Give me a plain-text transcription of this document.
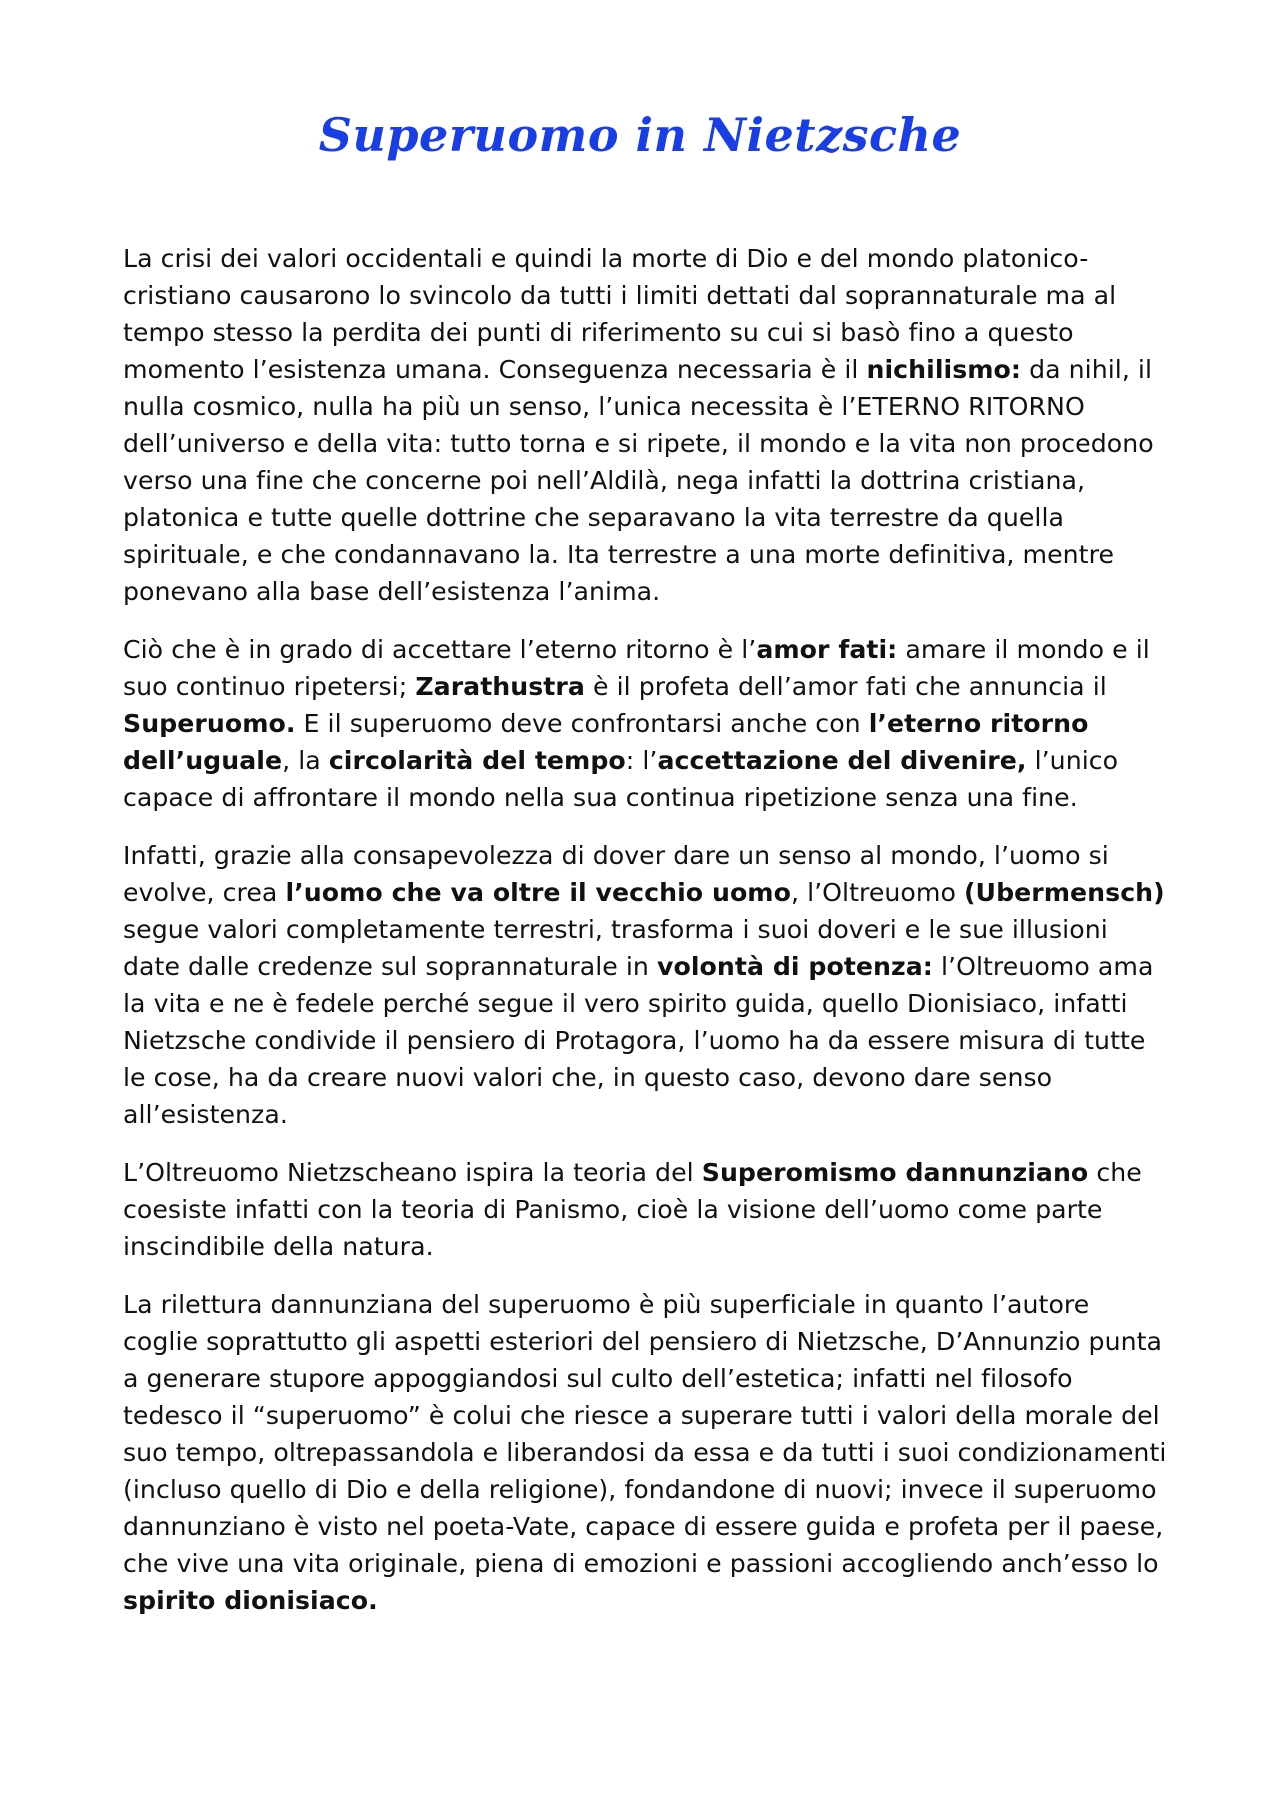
Superuomo in Nietzsche

La crisi dei valori occidentali e quindi la morte di Dio e del mondo platonico-cristiano causarono lo svincolo da tutti i limiti dettati dal soprannaturale ma al tempo stesso la perdita dei punti di riferimento su cui si basò fino a questo momento l’esistenza umana. Conseguenza necessaria è il nichilismo: da nihil, il nulla cosmico, nulla ha più un senso, l’unica necessita è l’ETERNO RITORNO dell’universo e della vita: tutto torna e si ripete, il mondo e la vita non procedono verso una fine che concerne poi nell’Aldilà, nega infatti la dottrina cristiana, platonica e tutte quelle dottrine che separavano la vita terrestre da quella spirituale, e che condannavano la. Ita terrestre a una morte definitiva, mentre ponevano alla base dell’esistenza l’anima.

Ciò che è in grado di accettare l’eterno ritorno è l’amor fati: amare il mondo e il suo continuo ripetersi; Zarathustra è il profeta dell’amor fati che annuncia il Superuomo. E il superuomo deve confrontarsi anche con l’eterno ritorno dell’uguale, la circolarità del tempo: l’accettazione del divenire, l’unico capace di affrontare il mondo nella sua continua ripetizione senza una fine.

Infatti, grazie alla consapevolezza di dover dare un senso al mondo, l’uomo si evolve, crea l’uomo che va oltre il vecchio uomo, l’Oltreuomo (Ubermensch) segue valori completamente terrestri, trasforma i suoi doveri e le sue illusioni date dalle credenze sul soprannaturale in volontà di potenza: l’Oltreuomo ama la vita e ne è fedele perché segue il vero spirito guida, quello Dionisiaco, infatti Nietzsche condivide il pensiero di Protagora, l’uomo ha da essere misura di tutte le cose, ha da creare nuovi valori che, in questo caso, devono dare senso all’esistenza.

L’Oltreuomo Nietzscheano ispira la teoria del Superomismo dannunziano che coesiste infatti con la teoria di Panismo, cioè la visione dell’uomo come parte inscindibile della natura.

La rilettura dannunziana del superuomo è più superficiale in quanto l’autore coglie soprattutto gli aspetti esteriori del pensiero di Nietzsche, D’Annunzio punta a generare stupore appoggiandosi sul culto dell’estetica; infatti nel filosofo tedesco il “superuomo” è colui che riesce a superare tutti i valori della morale del suo tempo, oltrepassandola e liberandosi da essa e da tutti i suoi condizionamenti (incluso quello di Dio e della religione), fondandone di nuovi; invece il superuomo dannunziano è visto nel poeta-Vate, capace di essere guida e profeta per il paese, che vive una vita originale, piena di emozioni e passioni accogliendo anch’esso lo spirito dionisiaco.
